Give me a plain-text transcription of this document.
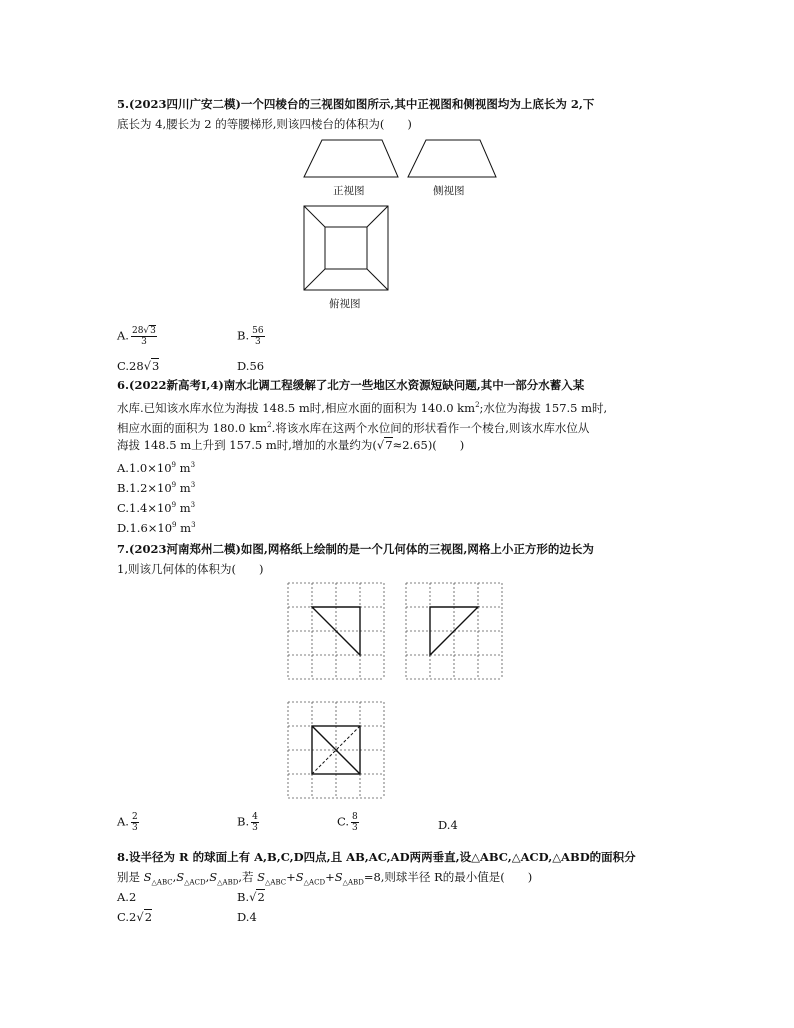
5.(2023四川广安二模)一个四棱台的三视图如图所示,其中正视图和侧视图均为上底长为 2,下
底长为 4,腰长为 2 的等腰梯形,则该四棱台的体积为(　　)
正视图	侧视图
俯视图
A. $\frac{28√3}{3}$	B. $\frac{56}{3}$
C.28√3	D.56
6.(2022新高考Ⅰ,4)南水北调工程缓解了北方一些地区水资源短缺问题,其中一部分水蓄入某
水库.已知该水库水位为海拔 148.5 m时,相应水面的面积为 140.0 $km^2$;水位为海拔 157.5 m时,
相应水面的面积为 180.0 $km^2$.将该水库在这两个水位间的形状看作一个棱台,则该水库水位从
海拔 148.5 m上升到 157.5 m时,增加的水量约为(√7≈2.65)(　　)
$A.1.0\times 10^9$ $m^3$
$B.1.2\times 10^9$ $m^3$
$C.1.4\times 10^9$ $m^3$
$D.1.6\times 10^9$ $m^3$
7.(2023河南郑州二模)如图,网格纸上绘制的是一个几何体的三视图,网格上小正方形的边长为
1,则该几何体的体积为(　　)
A. $\frac{2}{3}$	B. $\frac{4}{3}$	C. $\frac{8}{3}$	D.4
8.设半径为 R 的球面上有 A,B,C,D四点,且 AB,AC,AD两两垂直,设△ABC,△ACD,△ABD的面积分
别是 $S_{\triangle ABC},S_{\triangle ACD},S_{\triangle ABD}$,若 $S_{\triangle ABC}+S_{\triangle ACD}+S_{\triangle ABD}=8$,则球半径 R的最小值是(　　)
A.2	B.√2
C.2√2	D.4
